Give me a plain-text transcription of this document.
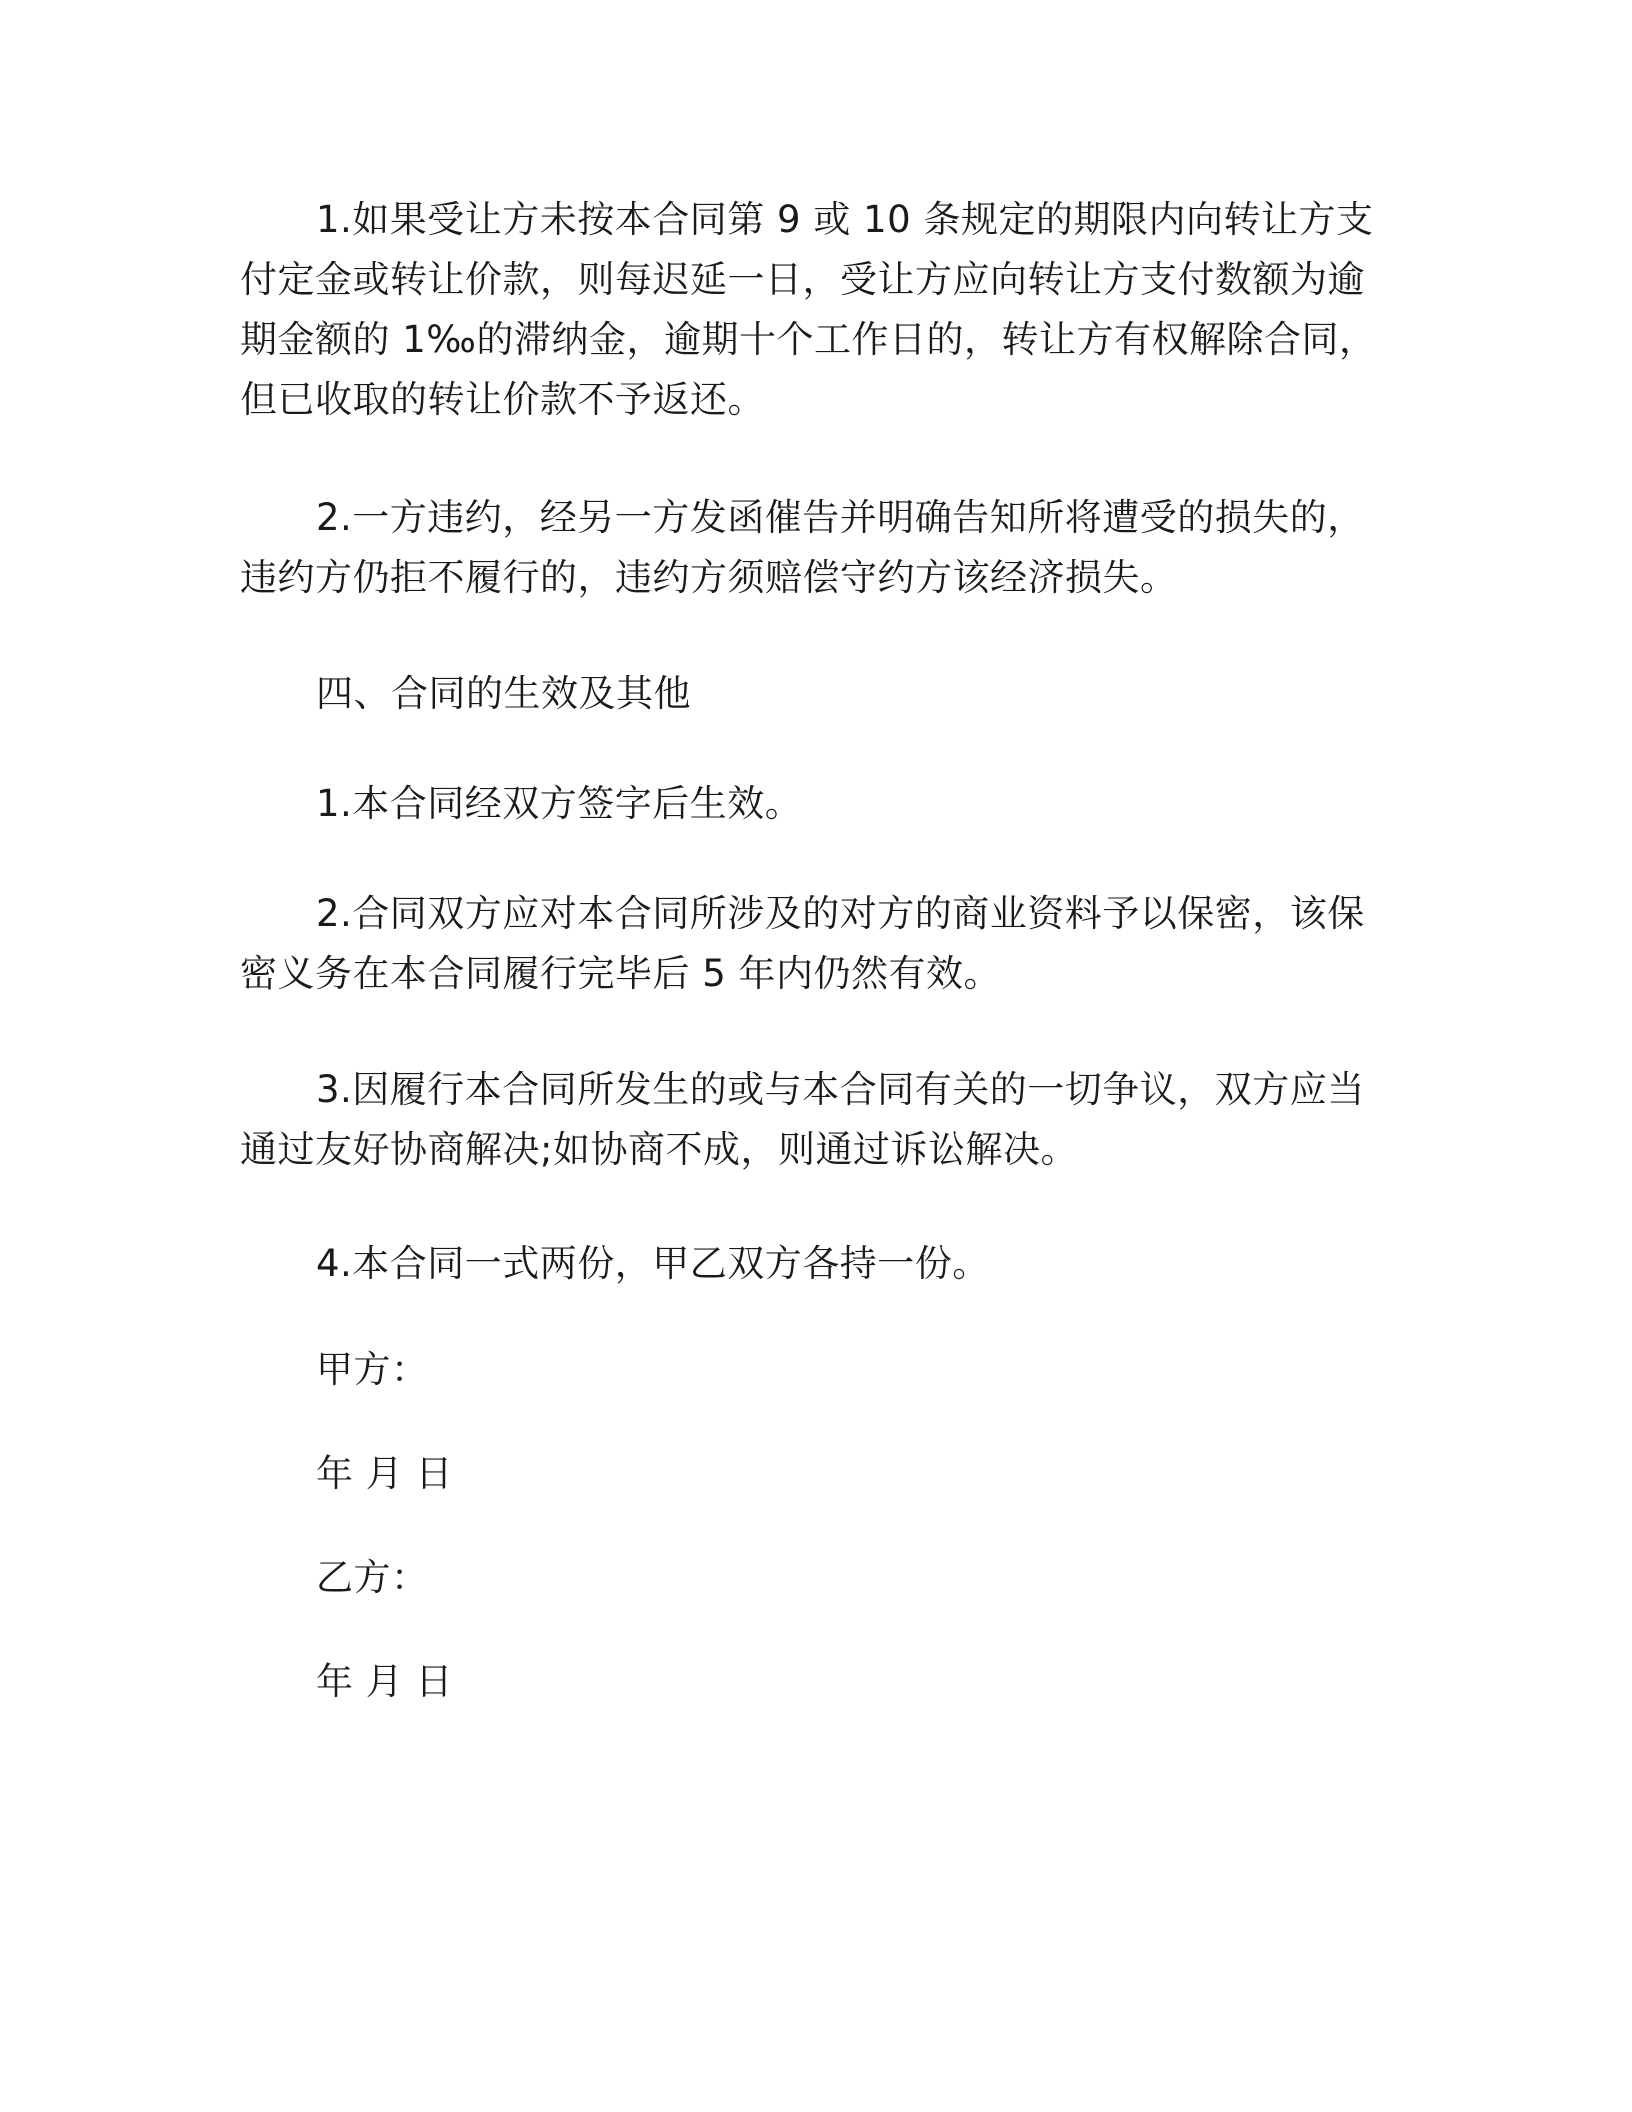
1.如果受让方未按本合同第 9 或 10 条规定的期限内向转让方支付定金或转让价款，则每迟延一日，受让方应向转让方支付数额为逾期金额的 1‰的滞纳金，逾期十个工作日的，转让方有权解除合同，但已收取的转让价款不予返还。

2.一方违约，经另一方发函催告并明确告知所将遭受的损失的，违约方仍拒不履行的，违约方须赔偿守约方该经济损失。

四、合同的生效及其他

1.本合同经双方签字后生效。

2.合同双方应对本合同所涉及的对方的商业资料予以保密，该保密义务在本合同履行完毕后 5 年内仍然有效。

3.因履行本合同所发生的或与本合同有关的一切争议，双方应当通过友好协商解决;如协商不成，则通过诉讼解决。

4.本合同一式两份，甲乙双方各持一份。

甲方：

年 月 日

乙方：

年 月 日
